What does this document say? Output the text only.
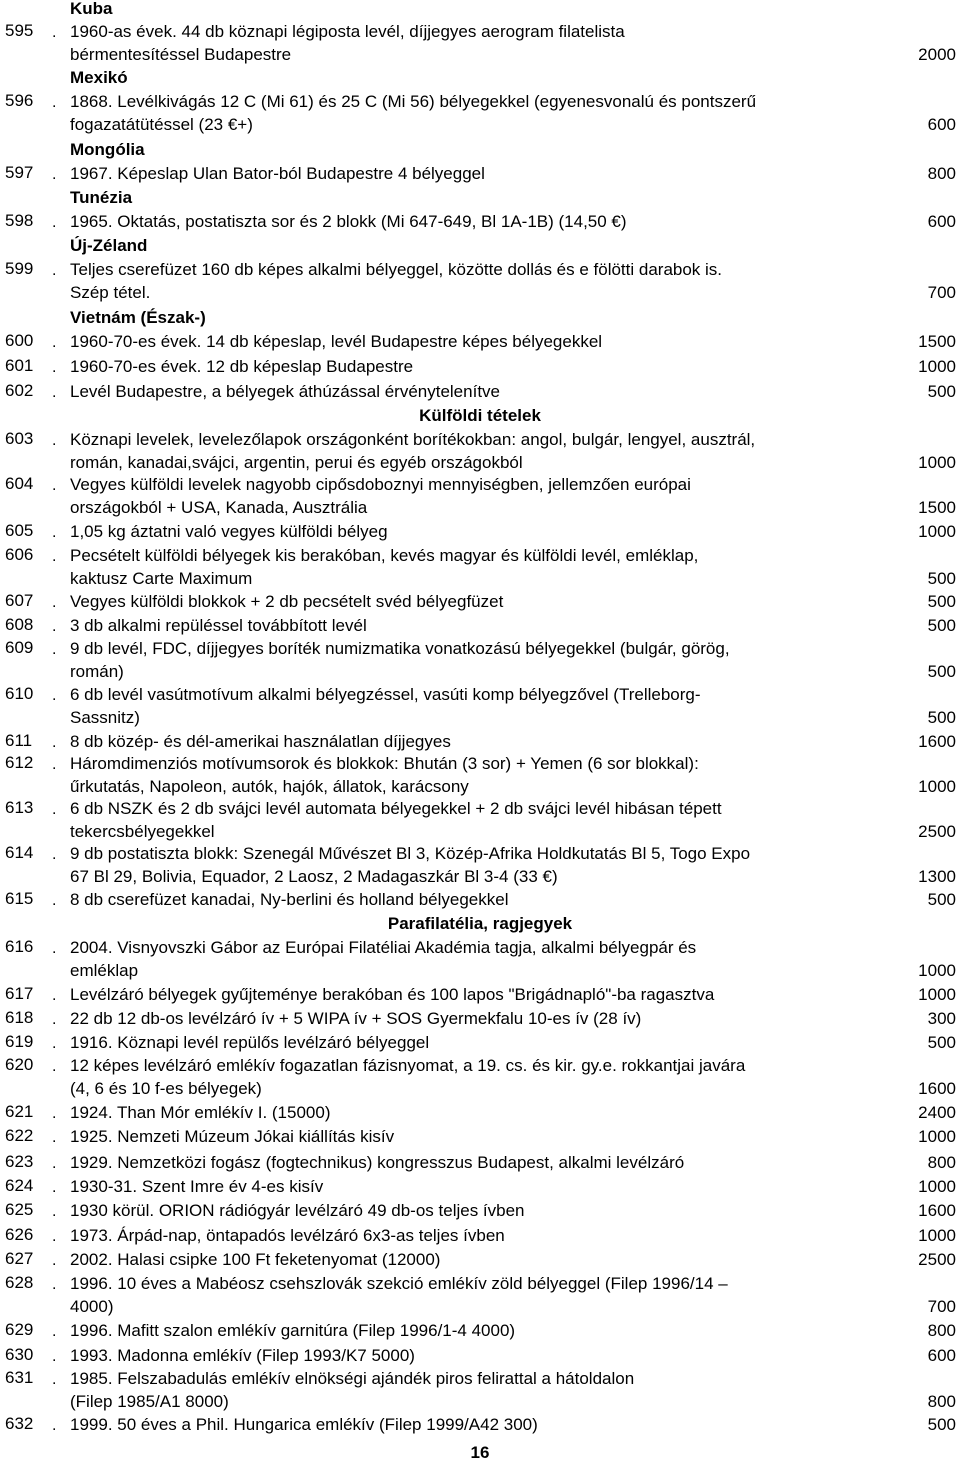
Kuba
595 . 1960-as évek. 44 db köznapi légiposta levél, díjjegyes aerogram filatelista
bérmentesítéssel Budapestre	2000
Mexikó
596 . 1868. Levélkivágás 12 C (Mi 61) és 25 C (Mi 56) bélyegekkel (egyenesvonalú és pontszerű
fogazatátütéssel (23 €+)	600
Mongólia
597 . 1967. Képeslap Ulan Bator-ból Budapestre 4 bélyeggel	800
Tunézia
598 . 1965. Oktatás, postatiszta sor és 2 blokk (Mi 647-649, Bl 1A-1B) (14,50 €)	600
Új-Zéland
599 . Teljes cserefüzet 160 db képes alkalmi bélyeggel, közötte dollás és e fölötti darabok is.
Szép tétel.	700
Vietnám (Észak-)
600 . 1960-70-es évek. 14 db képeslap, levél Budapestre képes bélyegekkel	1500
601 . 1960-70-es évek. 12 db képeslap Budapestre	1000
602 . Levél Budapestre, a bélyegek áthúzással érvénytelenítve	500
Külföldi tételek
603 . Köznapi levelek, levelezőlapok országonként borítékokban: angol, bulgár, lengyel, ausztrál,
román, kanadai,svájci, argentin, perui és egyéb országokból	1000
604 . Vegyes külföldi levelek nagyobb cipősdoboznyi mennyiségben, jellemzően európai
országokból + USA, Kanada, Ausztrália	1500
605 . 1,05 kg áztatni való vegyes külföldi bélyeg	1000
606 . Pecsételt külföldi bélyegek kis berakóban, kevés magyar és külföldi levél, emléklap,
kaktusz Carte Maximum	500
607 . Vegyes külföldi blokkok + 2 db pecsételt svéd bélyegfüzet	500
608 . 3 db alkalmi repüléssel továbbított levél	500
609 . 9 db levél, FDC, díjjegyes boríték numizmatika vonatkozású bélyegekkel (bulgár, görög,
román)	500
610 . 6 db levél vasútmotívum alkalmi bélyegzéssel, vasúti komp bélyegzővel (Trelleborg-
Sassnitz)	500
611 . 8 db közép- és dél-amerikai használatlan díjjegyes	1600
612 . Háromdimenziós motívumsorok és blokkok: Bhután (3 sor) + Yemen (6 sor blokkal):
űrkutatás, Napoleon, autók, hajók, állatok, karácsony	1000
613 . 6 db NSZK és 2 db svájci levél automata bélyegekkel + 2 db svájci levél hibásan tépett
tekercsbélyegekkel	2500
614 . 9 db postatiszta blokk: Szenegál Művészet Bl 3, Közép-Afrika Holdkutatás Bl 5, Togo Expo
67 Bl 29, Bolivia, Equador, 2 Laosz, 2 Madagaszkár Bl 3-4 (33 €)	1300
615 . 8 db cserefüzet kanadai, Ny-berlini és holland bélyegekkel	500
Parafilatélia, ragjegyek
616 . 2004. Visnyovszki Gábor az Európai Filatéliai Akadémia tagja, alkalmi bélyegpár és
emléklap	1000
617 . Levélzáró bélyegek gyűjteménye berakóban és 100 lapos "Brigádnapló"-ba ragasztva	1000
618 . 22 db 12 db-os levélzáró ív + 5 WIPA ív + SOS Gyermekfalu 10-es ív (28 ív)	300
619 . 1916. Köznapi levél repülős levélzáró bélyeggel	500
620 . 12 képes levélzáró emlékív fogazatlan fázisnyomat, a 19. cs. és kir. gy.e. rokkantjai javára
(4, 6 és 10 f-es bélyegek)	1600
621 . 1924. Than Mór emlékív I. (15000)	2400
622 . 1925. Nemzeti Múzeum Jókai kiállítás kisív	1000
623 . 1929. Nemzetközi fogász (fogtechnikus) kongresszus Budapest, alkalmi levélzáró	800
624 . 1930-31. Szent Imre év 4-es kisív	1000
625 . 1930 körül. ORION rádiógyár levélzáró 49 db-os teljes ívben	1600
626 . 1973. Árpád-nap, öntapadós levélzáró 6x3-as teljes ívben	1000
627 . 2002. Halasi csipke 100 Ft feketenyomat (12000)	2500
628 . 1996. 10 éves a Mabéosz csehszlovák szekció emlékív zöld bélyeggel (Filep 1996/14 –
4000)	700
629 . 1996. Mafitt szalon emlékív garnitúra (Filep 1996/1-4 4000)	800
630 . 1993. Madonna emlékív (Filep 1993/K7 5000)	600
631 . 1985. Felszabadulás emlékív elnökségi ajándék piros felirattal a hátoldalon
(Filep 1985/A1 8000)	800
632 . 1999. 50 éves a Phil. Hungarica emlékív (Filep 1999/A42 300)	500
16
